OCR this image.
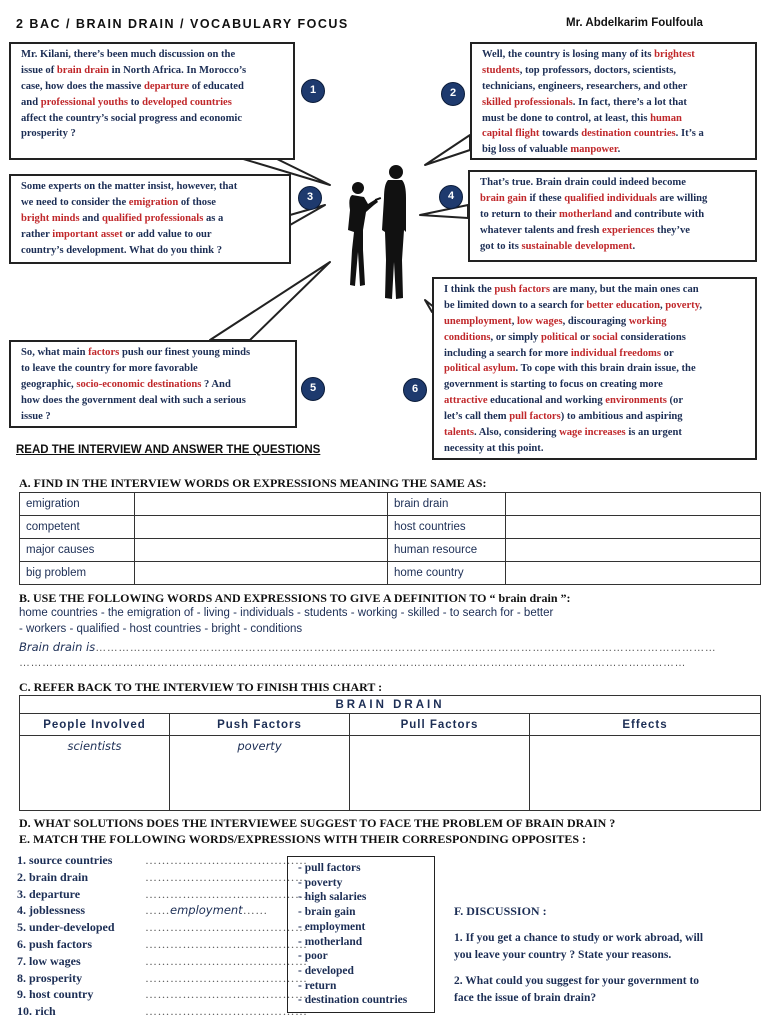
2 BAC / BRAIN DRAIN / VOCABULARY FOCUS	Mr. Abdelkarim Foulfoula
Mr. Kilani, there’s been much discussion on the
issue of brain drain in North Africa. In Morocco’s
case, how does the massive departure of educated
and professional youths to developed countries
affect the country’s social progress and economic
prosperity ?
1
Well, the country is losing many of its brightest
students, top professors, doctors, scientists,
technicians, engineers, researchers, and other
skilled professionals. In fact, there’s a lot that
must be done to control, at least, this human
capital flight towards destination countries. It’s a
big loss of valuable manpower.
2
Some experts on the matter insist, however, that
we need to consider the emigration of those
bright minds and qualified professionals as a
rather important asset or add value to our
country’s development. What do you think ?
3
That’s true. Brain drain could indeed become
brain gain if these qualified individuals are willing
to return to their motherland and contribute with
whatever talents and fresh experiences they’ve
got to its sustainable development.
4
So, what main factors push our finest young minds
to leave the country for more favorable
geographic, socio-economic destinations ? And
how does the government deal with such a serious
issue ?
5
I think the push factors are many, but the main ones can
be limited down to a search for better education, poverty,
unemployment, low wages, discouraging working
conditions, or simply political or social considerations
including a search for more individual freedoms or
political asylum. To cope with this brain drain issue, the
government is starting to focus on creating more
attractive educational and working environments (or
let’s call them pull factors) to ambitious and aspiring
talents. Also, considering wage increases is an urgent
necessity at this point.
6
READ THE INTERVIEW AND ANSWER THE QUESTIONS
A. FIND IN THE INTERVIEW WORDS OR EXPRESSIONS MEANING THE SAME AS:
emigration		brain drain	
competent		host countries	
major causes		human resource	
big problem		home country	
B. USE THE FOLLOWING WORDS AND EXPRESSIONS TO GIVE A DEFINITION TO “ brain drain ”:
home countries - the emigration of - living - individuals - students - working - skilled - to search for - better
- workers - qualified - host countries - bright - conditions
Brain drain is………………………………………………………………………………………………………………………………………………
…………………………………………………………………………………………………………………………………………………………
C. REFER BACK TO THE INTERVIEW TO FINISH THIS CHART :
BRAIN DRAIN			
People Involved	Push Factors	Pull Factors	Effects
scientists	poverty		
D. WHAT SOLUTIONS DOES THE INTERVIEWEE SUGGEST TO FACE THE PROBLEM OF BRAIN DRAIN ?
E. MATCH THE FOLLOWING WORDS/EXPRESSIONS WITH THEIR CORRESPONDING OPPOSITES :
1. source countries	…………………………………
2. brain drain	…………………………………
3. departure	…………………………………
4. joblessness	……employment……
5. under-developed	…………………………………
6. push factors	…………………………………
7. low wages	…………………………………
8. prosperity	…………………………………
9. host country	…………………………………
10. rich	…………………………………
- pull factors
- poverty
- high salaries
- brain gain
- employment
- motherland
- poor
- developed
- return
- destination countries
F. DISCUSSION :
1. If you get a chance to study or work abroad, will
you leave your country ? State your reasons.
2. What could you suggest for your government to
face the issue of brain drain?
